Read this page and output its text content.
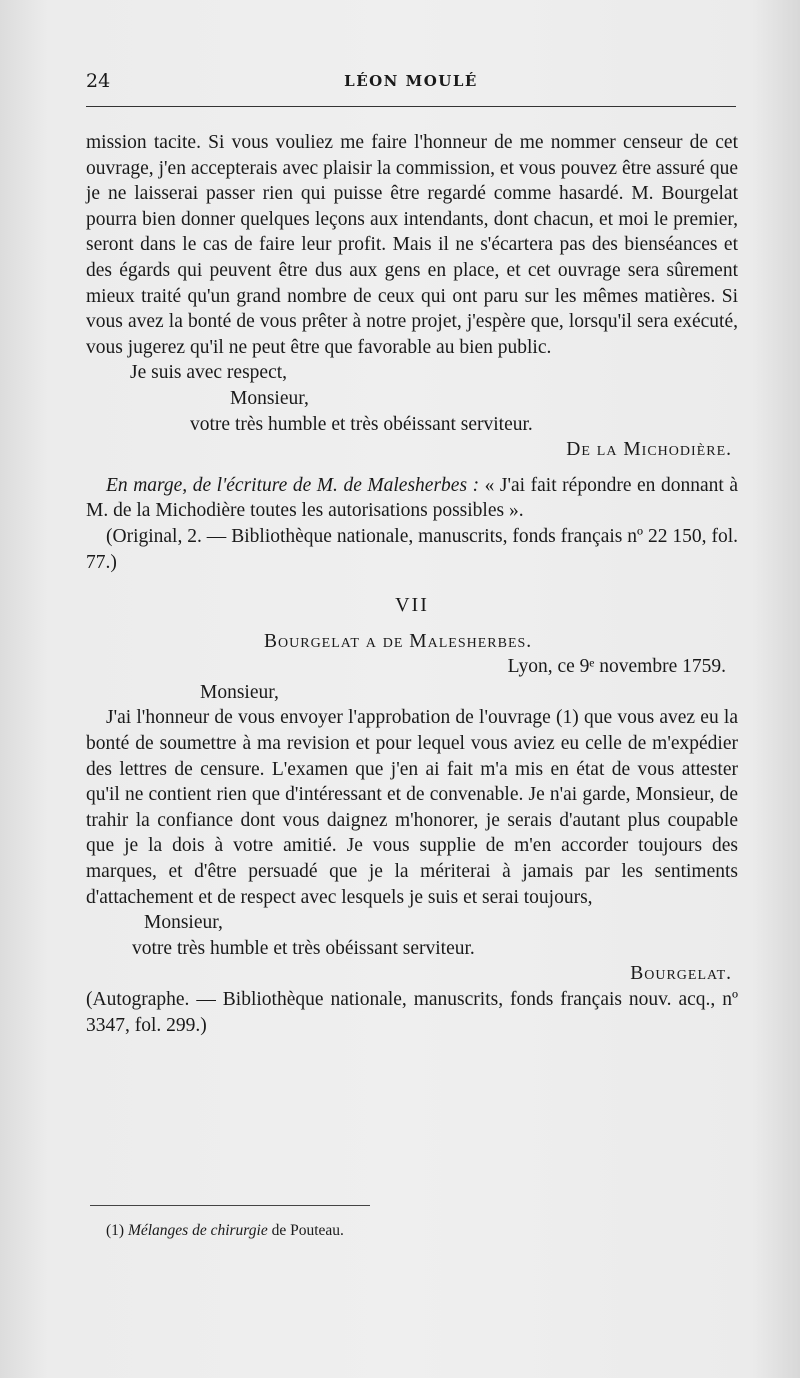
24	LÉON MOULÉ

mission tacite. Si vous vouliez me faire l'honneur de me nommer censeur de cet ouvrage, j'en accepterais avec plaisir la commission, et vous pouvez être assuré que je ne laisserai passer rien qui puisse être regardé comme hasardé. M. Bourgelat pourra bien donner quelques leçons aux intendants, dont chacun, et moi le premier, seront dans le cas de faire leur profit. Mais il ne s'écartera pas des bienséances et des égards qui peuvent être dus aux gens en place, et cet ouvrage sera sûrement mieux traité qu'un grand nombre de ceux qui ont paru sur les mêmes matières. Si vous avez la bonté de vous prêter à notre projet, j'espère que, lorsqu'il sera exécuté, vous jugerez qu'il ne peut être que favorable au bien public.

Je suis avec respect,

Monsieur,

votre très humble et très obéissant serviteur.

De la Michodière.

En marge, de l'écriture de M. de Malesherbes : « J'ai fait répondre en donnant à M. de la Michodière toutes les autorisations possibles ».

(Original, 2. — Bibliothèque nationale, manuscrits, fonds français nº 22 150, fol. 77.)

VII

Bourgelat a de Malesherbes.

Lyon, ce 9ᵉ novembre 1759.

Monsieur,

J'ai l'honneur de vous envoyer l'approbation de l'ouvrage (1) que vous avez eu la bonté de soumettre à ma revision et pour lequel vous aviez eu celle de m'expédier des lettres de censure. L'examen que j'en ai fait m'a mis en état de vous attester qu'il ne contient rien que d'intéressant et de convenable. Je n'ai garde, Monsieur, de trahir la confiance dont vous daignez m'honorer, je serais d'autant plus coupable que je la dois à votre amitié. Je vous supplie de m'en accorder toujours des marques, et d'être persuadé que je la mériterai à jamais par les sentiments d'attachement et de respect avec lesquels je suis et serai toujours,

Monsieur,

votre très humble et très obéissant serviteur.

Bourgelat.

(Autographe. — Bibliothèque nationale, manuscrits, fonds français nouv. acq., nº 3347, fol. 299.)

(1) Mélanges de chirurgie de Pouteau.
